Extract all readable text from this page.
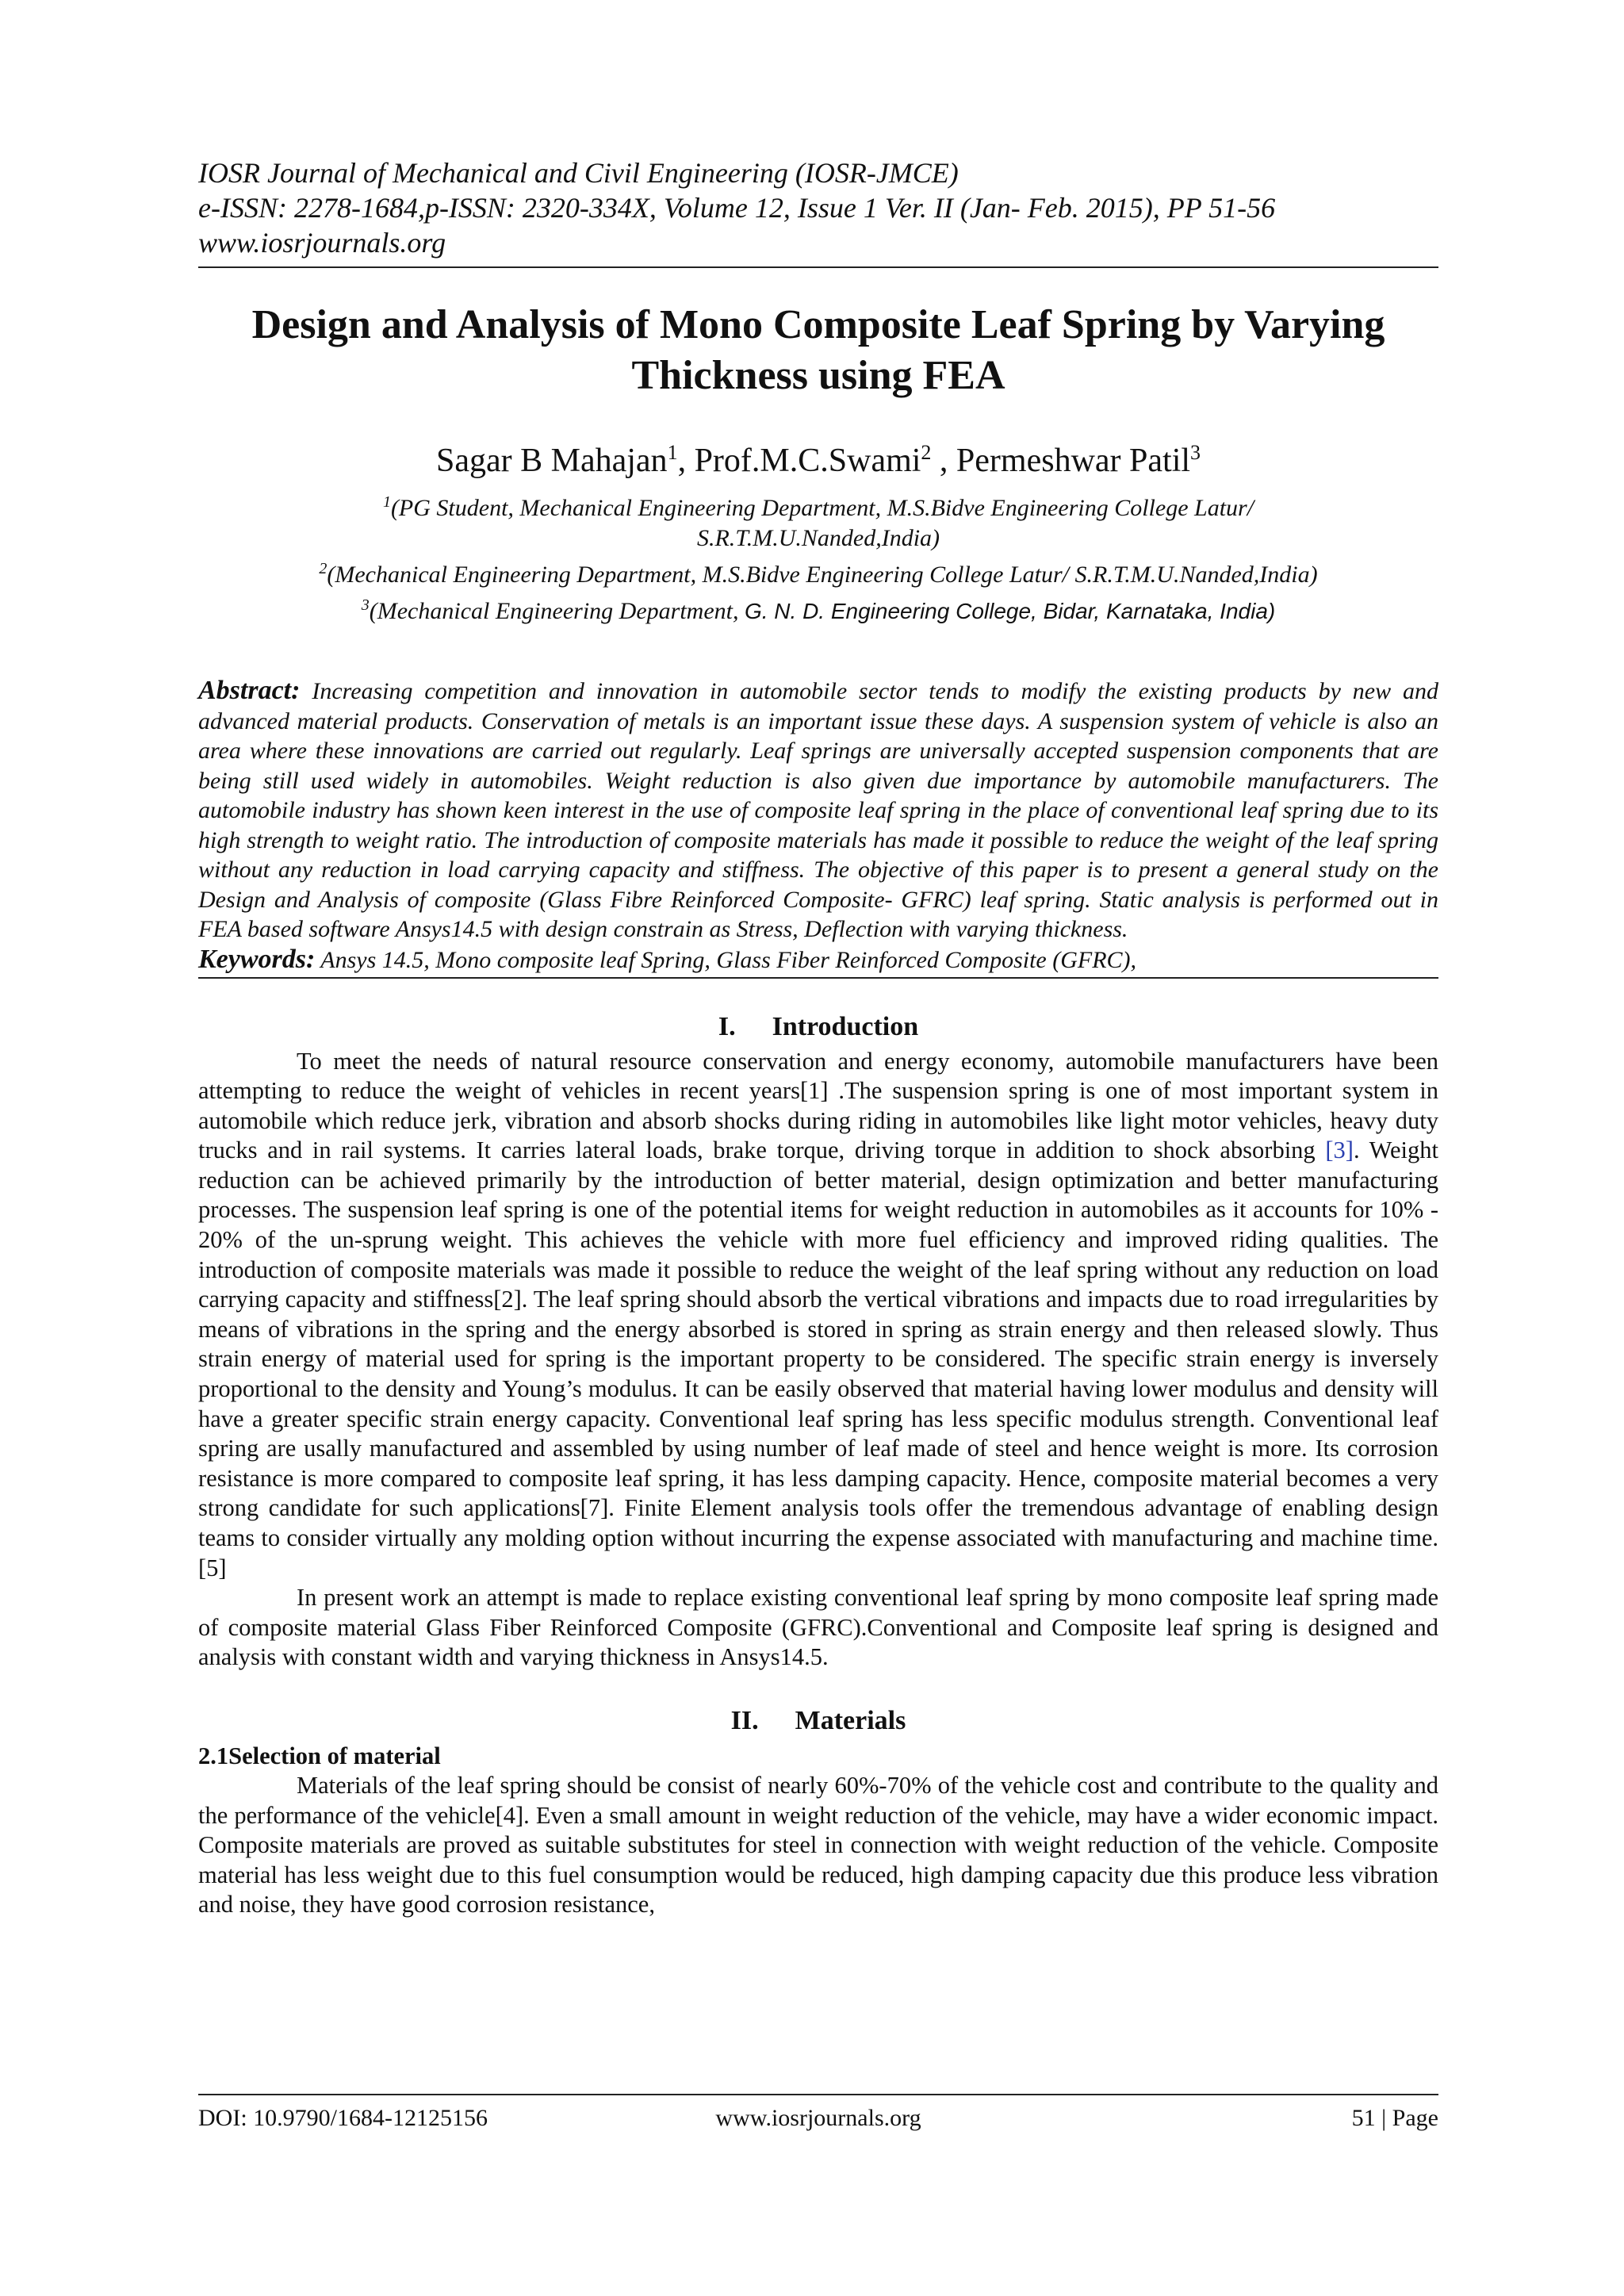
IOSR Journal of Mechanical and Civil Engineering (IOSR-JMCE)
e-ISSN: 2278-1684,p-ISSN: 2320-334X, Volume 12, Issue 1 Ver. II (Jan- Feb. 2015), PP 51-56
www.iosrjournals.org
Design and Analysis of Mono Composite Leaf Spring by Varying Thickness using FEA
Sagar B Mahajan$^1$, Prof.M.C.Swami$^2$ , Permeshwar Patil$^3$
$^1$(PG Student, Mechanical Engineering Department, M.S.Bidve Engineering College Latur/
S.R.T.M.U.Nanded,India)
$^2$(Mechanical Engineering Department, M.S.Bidve Engineering College Latur/ S.R.T.M.U.Nanded,India)
$^3$(Mechanical Engineering Department, G. N. D. Engineering College, Bidar, Karnataka, India)
Abstract: Increasing competition and innovation in automobile sector tends to modify the existing products by new and advanced material products. Conservation of metals is an important issue these days. A suspension system of vehicle is also an area where these innovations are carried out regularly. Leaf springs are universally accepted suspension components that are being still used widely in automobiles. Weight reduction is also given due importance by automobile manufacturers. The automobile industry has shown keen interest in the use of composite leaf spring in the place of conventional leaf spring due to its high strength to weight ratio. The introduction of composite materials has made it possible to reduce the weight of the leaf spring without any reduction in load carrying capacity and stiffness. The objective of this paper is to present a general study on the Design and Analysis of composite (Glass Fibre Reinforced Composite- GFRC) leaf spring. Static analysis is performed out in FEA based software Ansys14.5 with design constrain as Stress, Deflection with varying thickness.
Keywords: Ansys 14.5, Mono composite leaf Spring, Glass Fiber Reinforced Composite (GFRC),
I. Introduction

To meet the needs of natural resource conservation and energy economy, automobile manufacturers have been attempting to reduce the weight of vehicles in recent years[1] .The suspension spring is one of most important system in automobile which reduce jerk, vibration and absorb shocks during riding in automobiles like light motor vehicles, heavy duty trucks and in rail systems. It carries lateral loads, brake torque, driving torque in addition to shock absorbing [3]. Weight reduction can be achieved primarily by the introduction of better material, design optimization and better manufacturing processes. The suspension leaf spring is one of the potential items for weight reduction in automobiles as it accounts for 10% - 20% of the un-sprung weight. This achieves the vehicle with more fuel efficiency and improved riding qualities. The introduction of composite materials was made it possible to reduce the weight of the leaf spring without any reduction on load carrying capacity and stiffness[2]. The leaf spring should absorb the vertical vibrations and impacts due to road irregularities by means of vibrations in the spring and the energy absorbed is stored in spring as strain energy and then released slowly. Thus strain energy of material used for spring is the important property to be considered. The specific strain energy is inversely proportional to the density and Young’s modulus. It can be easily observed that material having lower modulus and density will have a greater specific strain energy capacity. Conventional leaf spring has less specific modulus strength. Conventional leaf spring are usally manufactured and assembled by using number of leaf made of steel and hence weight is more. Its corrosion resistance is more compared to composite leaf spring, it has less damping capacity. Hence, composite material becomes a very strong candidate for such applications[7]. Finite Element analysis tools offer the tremendous advantage of enabling design teams to consider virtually any molding option without incurring the expense associated with manufacturing and machine time.[5]

In present work an attempt is made to replace existing conventional leaf spring by mono composite leaf spring made of composite material Glass Fiber Reinforced Composite (GFRC).Conventional and Composite leaf spring is designed and analysis with constant width and varying thickness in Ansys14.5.

II. Materials

2.1Selection of material

Materials of the leaf spring should be consist of nearly 60%-70% of the vehicle cost and contribute to the quality and the performance of the vehicle[4]. Even a small amount in weight reduction of the vehicle, may have a wider economic impact. Composite materials are proved as suitable substitutes for steel in connection with weight reduction of the vehicle. Composite material has less weight due to this fuel consumption would be reduced, high damping capacity due this produce less vibration and noise, they have good corrosion resistance,

DOI: 10.9790/1684-12125156	www.iosrjournals.org	51 | Page
